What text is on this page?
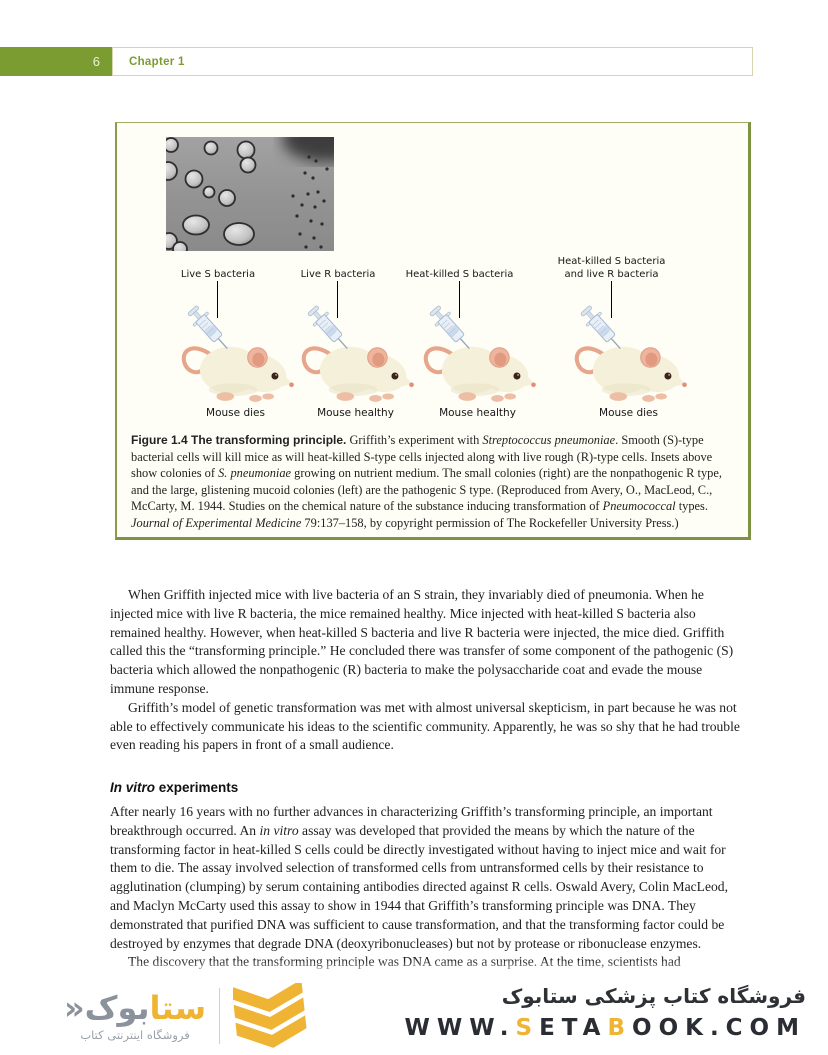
6	Chapter 1
Live S bacteria
Mouse dies
Live R bacteria
Mouse healthy
Heat-killed S bacteria
Mouse healthy
Heat-killed S bacteria
and live R bacteria
Mouse dies

Figure 1.4 The transforming principle. Griffith’s experiment with Streptococcus pneumoniae. Smooth (S)-type bacterial cells will kill mice as will heat-killed S-type cells injected along with live rough (R)-type cells. Insets above show colonies of S. pneumoniae growing on nutrient medium. The small colonies (right) are the nonpathogenic R type, and the large, glistening mucoid colonies (left) are the pathogenic S type. (Reproduced from Avery, O., MacLeod, C., McCarty, M. 1944. Studies on the chemical nature of the substance inducing transformation of Pneumococcal types. Journal of Experimental Medicine 79:137–158, by copyright permission of The Rockefeller University Press.)

When Griffith injected mice with live bacteria of an S strain, they invariably died of pneumonia. When he injected mice with live R bacteria, the mice remained healthy. Mice injected with heat-killed S bacteria also remained healthy. However, when heat-killed S bacteria and live R bacteria were injected, the mice died. Griffith called this the “transforming principle.” He concluded there was transfer of some component of the pathogenic (S) bacteria which allowed the nonpathogenic (R) bacteria to make the polysaccharide coat and evade the mouse immune response.

Griffith’s model of genetic transformation was met with almost universal skepticism, in part because he was not able to effectively communicate his ideas to the scientific community. Apparently, he was so shy that he had trouble even reading his papers in front of a small audience.

In vitro experiments

After nearly 16 years with no further advances in characterizing Griffith’s transforming principle, an important breakthrough occurred. An in vitro assay was developed that provided the means by which the nature of the transforming factor in heat-killed S cells could be directly investigated without having to inject mice and wait for them to die. The assay involved selection of transformed cells from untransformed cells by their resistance to agglutination (clumping) by serum containing antibodies directed against R cells. Oswald Avery, Colin MacLeod, and Maclyn McCarty used this assay to show in 1944 that Griffith’s transforming principle was DNA. They demonstrated that purified DNA was sufficient to cause transformation, and that the transforming factor could be destroyed by enzymes that degrade DNA (deoxyribonucleases) but not by protease or ribonuclease enzymes.

ستابوک«
فروشگاه اینترنتی کتاب
فروشگاه کتاب پزشکی ستابوک
WWW.SETABOOK.COM
